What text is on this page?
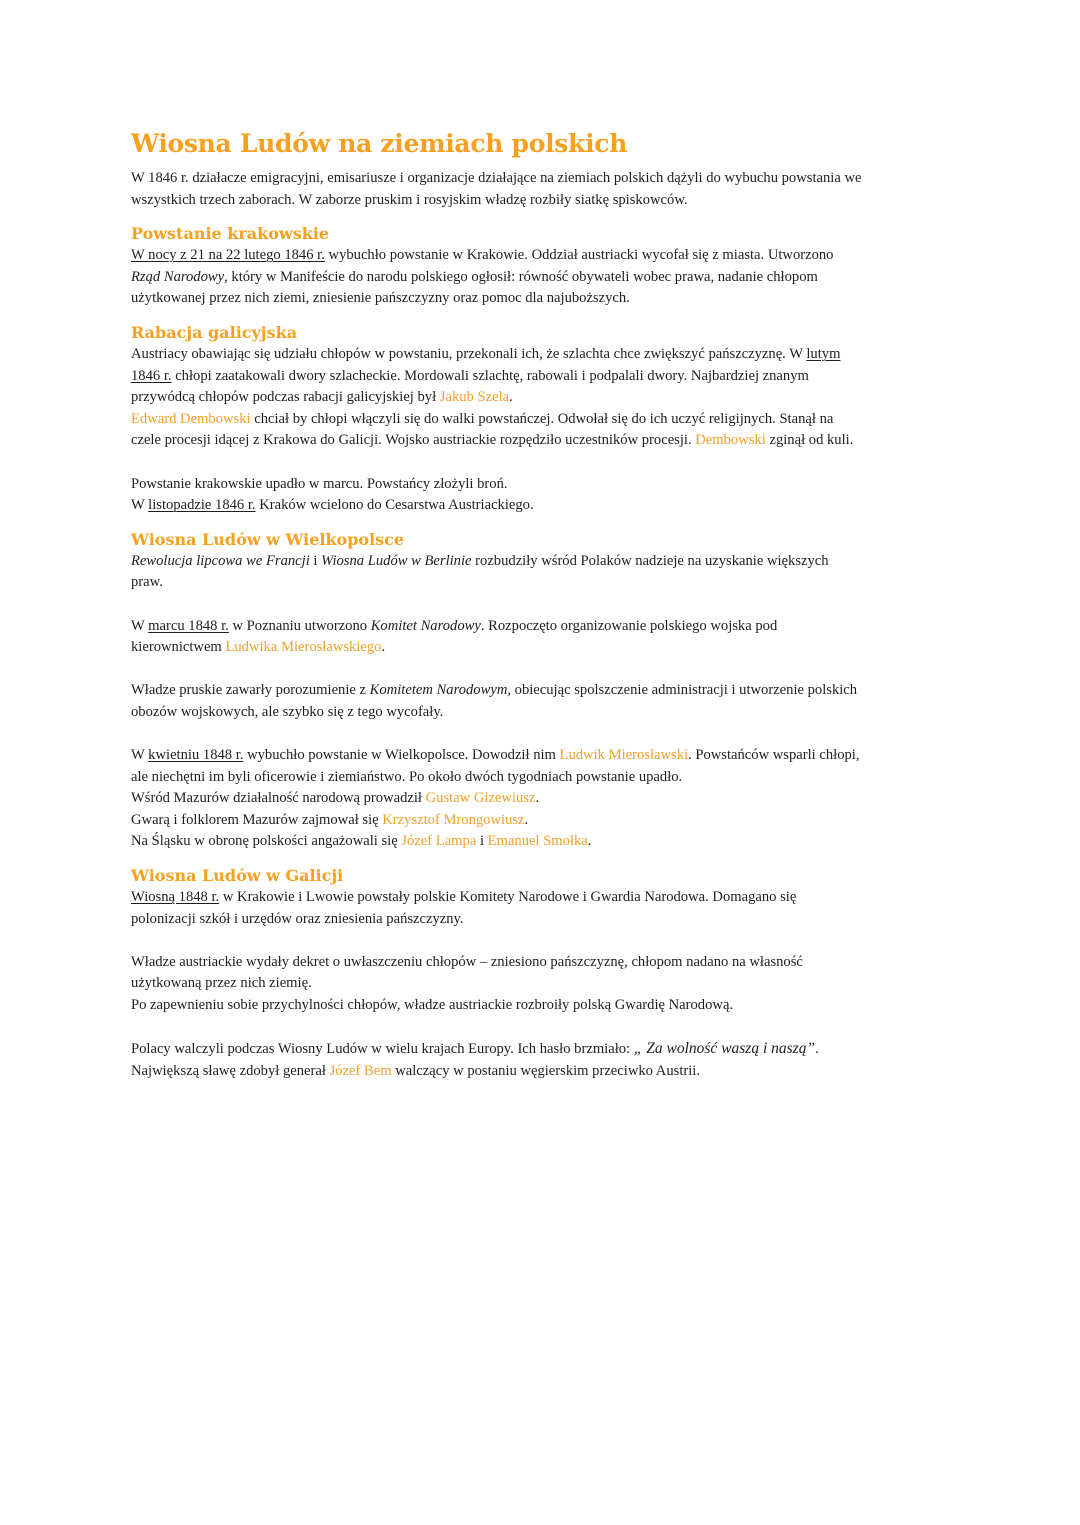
Wiosna Ludów na ziemiach polskich

W 1846 r. działacze emigracyjni, emisariusze i organizacje działające na ziemiach polskich dążyli do wybuchu powstania we
wszystkich trzech zaborach. W zaborze pruskim i rosyjskim władzę rozbiły siatkę spiskowców.

Powstanie krakowskie

W nocy z 21 na 22 lutego 1846 r. wybuchło powstanie w Krakowie. Oddział austriacki wycofał się z miasta. Utworzono
Rząd Narodowy, który w Manifeście do narodu polskiego ogłosił: równość obywateli wobec prawa, nadanie chłopom
użytkowanej przez nich ziemi, zniesienie pańszczyzny oraz pomoc dla najuboższych.

Rabacja galicyjska

Austriacy obawiając się udziału chłopów w powstaniu, przekonali ich, że szlachta chce zwiększyć pańszczyznę. W lutym
1846 r. chłopi zaatakowali dwory szlacheckie. Mordowali szlachtę, rabowali i podpalali dwory. Najbardziej znanym
przywódcą chłopów podczas rabacji galicyjskiej był Jakub Szela.
Edward Dembowski chciał by chłopi włączyli się do walki powstańczej. Odwołał się do ich uczyć religijnych. Stanął na
czele procesji idącej z Krakowa do Galicji. Wojsko austriackie rozpędziło uczestników procesji. Dembowski zginął od kuli.

Powstanie krakowskie upadło w marcu. Powstańcy złożyli broń.
W listopadzie 1846 r. Kraków wcielono do Cesarstwa Austriackiego.

Wiosna Ludów w Wielkopolsce

Rewolucja lipcowa we Francji i Wiosna Ludów w Berlinie rozbudziły wśród Polaków nadzieje na uzyskanie większych
praw.

W marcu 1848 r. w Poznaniu utworzono Komitet Narodowy. Rozpoczęto organizowanie polskiego wojska pod
kierownictwem Ludwika Mierosławskiego.

Władze pruskie zawarły porozumienie z Komitetem Narodowym, obiecując spolszczenie administracji i utworzenie polskich
obozów wojskowych, ale szybko się z tego wycofały.

W kwietniu 1848 r. wybuchło powstanie w Wielkopolsce. Dowodził nim Ludwik Mierosławski. Powstańców wsparli chłopi,
ale niechętni im byli oficerowie i ziemiaństwo. Po około dwóch tygodniach powstanie upadło.
Wśród Mazurów działalność narodową prowadził Gustaw Gizewiusz.
Gwarą i folklorem Mazurów zajmował się Krzysztof Mrongowiusz.
Na Śląsku w obronę polskości angażowali się Józef Lampa i Emanuel Smołka.

Wiosna Ludów w Galicji

Wiosną 1848 r. w Krakowie i Lwowie powstały polskie Komitety Narodowe i Gwardia Narodowa. Domagano się
polonizacji szkół i urzędów oraz zniesienia pańszczyzny.

Władze austriackie wydały dekret o uwłaszczeniu chłopów – zniesiono pańszczyznę, chłopom nadano na własność
użytkowaną przez nich ziemię.
Po zapewnieniu sobie przychylności chłopów, władze austriackie rozbroiły polską Gwardię Narodową.

Polacy walczyli podczas Wiosny Ludów w wielu krajach Europy. Ich hasło brzmiało: „ Za wolność waszą i naszą”.
Największą sławę zdobył generał Józef Bem walczący w postaniu węgierskim przeciwko Austrii.
